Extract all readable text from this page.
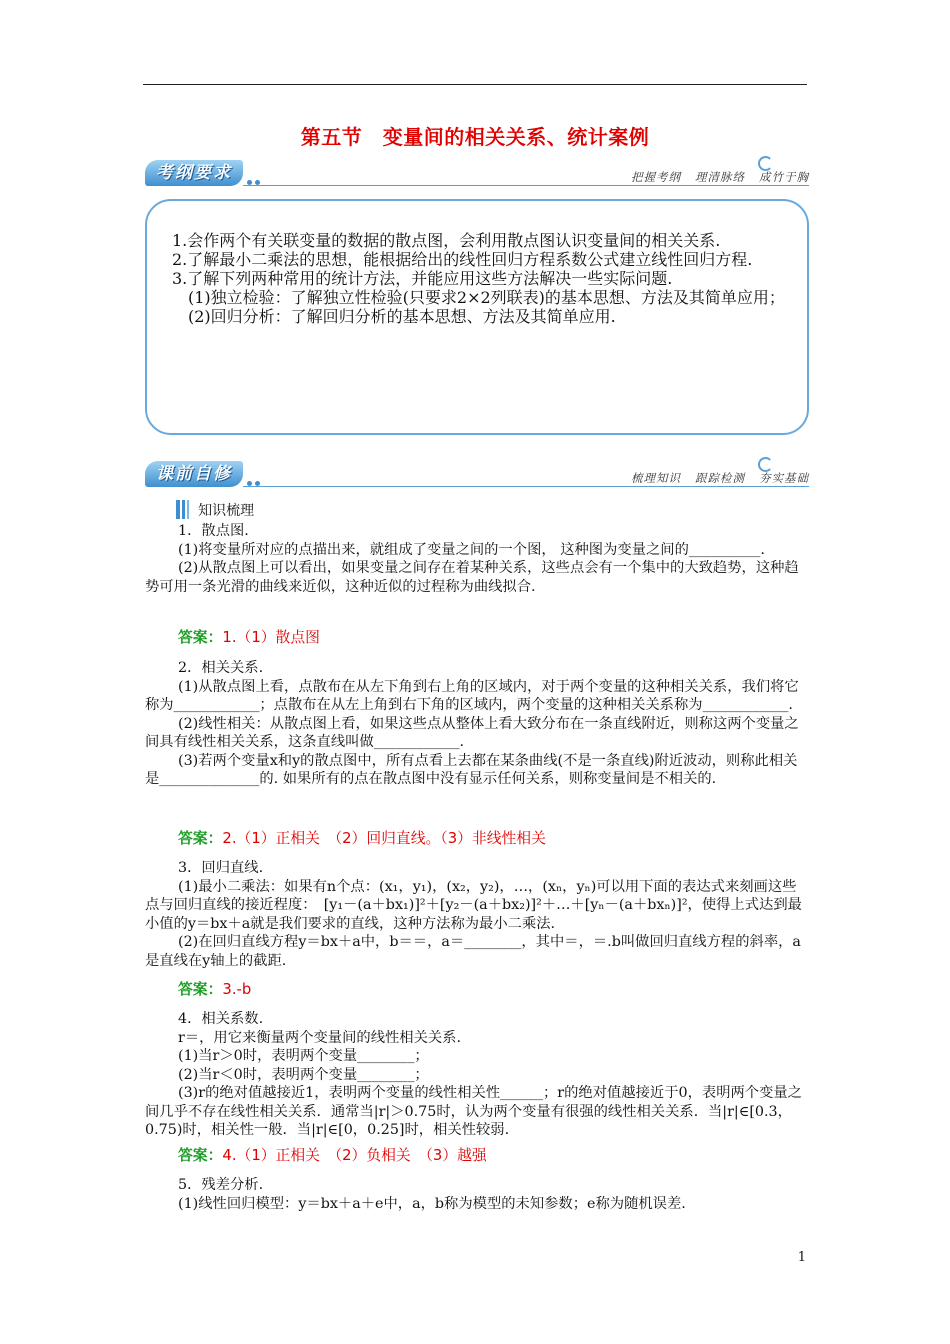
第五节　变量间的相关关系、统计案例
考纲要求	把握考纲 理清脉络 成竹于胸

1.会作两个有关联变量的数据的散点图，会利用散点图认识变量间的相关关系.

2.了解最小二乘法的思想，能根据给出的线性回归方程系数公式建立线性回归方程.

3.了解下列两种常用的统计方法，并能应用这些方法解决一些实际问题.

　(1)独立检验：了解独立性检验(只要求2×2列联表)的基本思想、方法及其简单应用；

　(2)回归分析：了解回归分析的基本思想、方法及其简单应用.

课前自修	梳理知识 跟踪检测 夯实基础
知识梳理

1．散点图.

(1)将变量所对应的点描出来，就组成了变量之间的一个图， 这种图为变量之间的__________.

(2)从散点图上可以看出，如果变量之间存在着某种关系，这些点会有一个集中的大致趋势，这种趋势可用一条光滑的曲线来近似，这种近似的过程称为曲线拟合.

答案：1.（1）散点图

2．相关关系.

(1)从散点图上看，点散布在从左下角到右上角的区域内，对于两个变量的这种相关关系，我们将它称为____________；点散布在从左上角到右下角的区域内，两个变量的这种相关关系称为____________.

(2)线性相关：从散点图上看，如果这些点从整体上看大致分布在一条直线附近，则称这两个变量之间具有线性相关关系，这条直线叫做____________.

(3)若两个变量x和y的散点图中，所有点看上去都在某条曲线(不是一条直线)附近波动，则称此相关是______________的. 如果所有的点在散点图中没有显示任何关系，则称变量间是不相关的.

答案：2.（1）正相关　（2）回归直线。（3）非线性相关

3．回归直线.

(1)最小二乘法：如果有n个点：(x₁，y₁)，(x₂，y₂)，…，(xₙ，yₙ)可以用下面的表达式来刻画这些点与回归直线的接近程度：　[y₁－(a＋bx₁)]²＋[y₂－(a＋bx₂)]²＋…＋[yₙ－(a＋bxₙ)]²，使得上式达到最小值的y＝bx＋a就是我们要求的直线，这种方法称为最小二乘法.

(2)在回归直线方程y＝bx＋a中，b＝＝，a＝________，其中＝，＝.b叫做回归直线方程的斜率，a是直线在y轴上的截距.

答案：3.-b

4．相关系数.

r＝，用它来衡量两个变量间的线性相关关系.

(1)当r＞0时，表明两个变量________；

(2)当r＜0时，表明两个变量________；

(3)r的绝对值越接近1，表明两个变量的线性相关性______；r的绝对值越接近于0，表明两个变量之间几乎不存在线性相关关系．通常当|r|＞0.75时，认为两个变量有很强的线性相关关系．当|r|∈[0.3，0.75)时，相关性一般．当|r|∈[0，0.25]时，相关性较弱.

答案：4.（1）正相关　（2）负相关　（3）越强

5．残差分析.

(1)线性回归模型：y＝bx＋a＋e中，a，b称为模型的未知参数；e称为随机误差.

1
